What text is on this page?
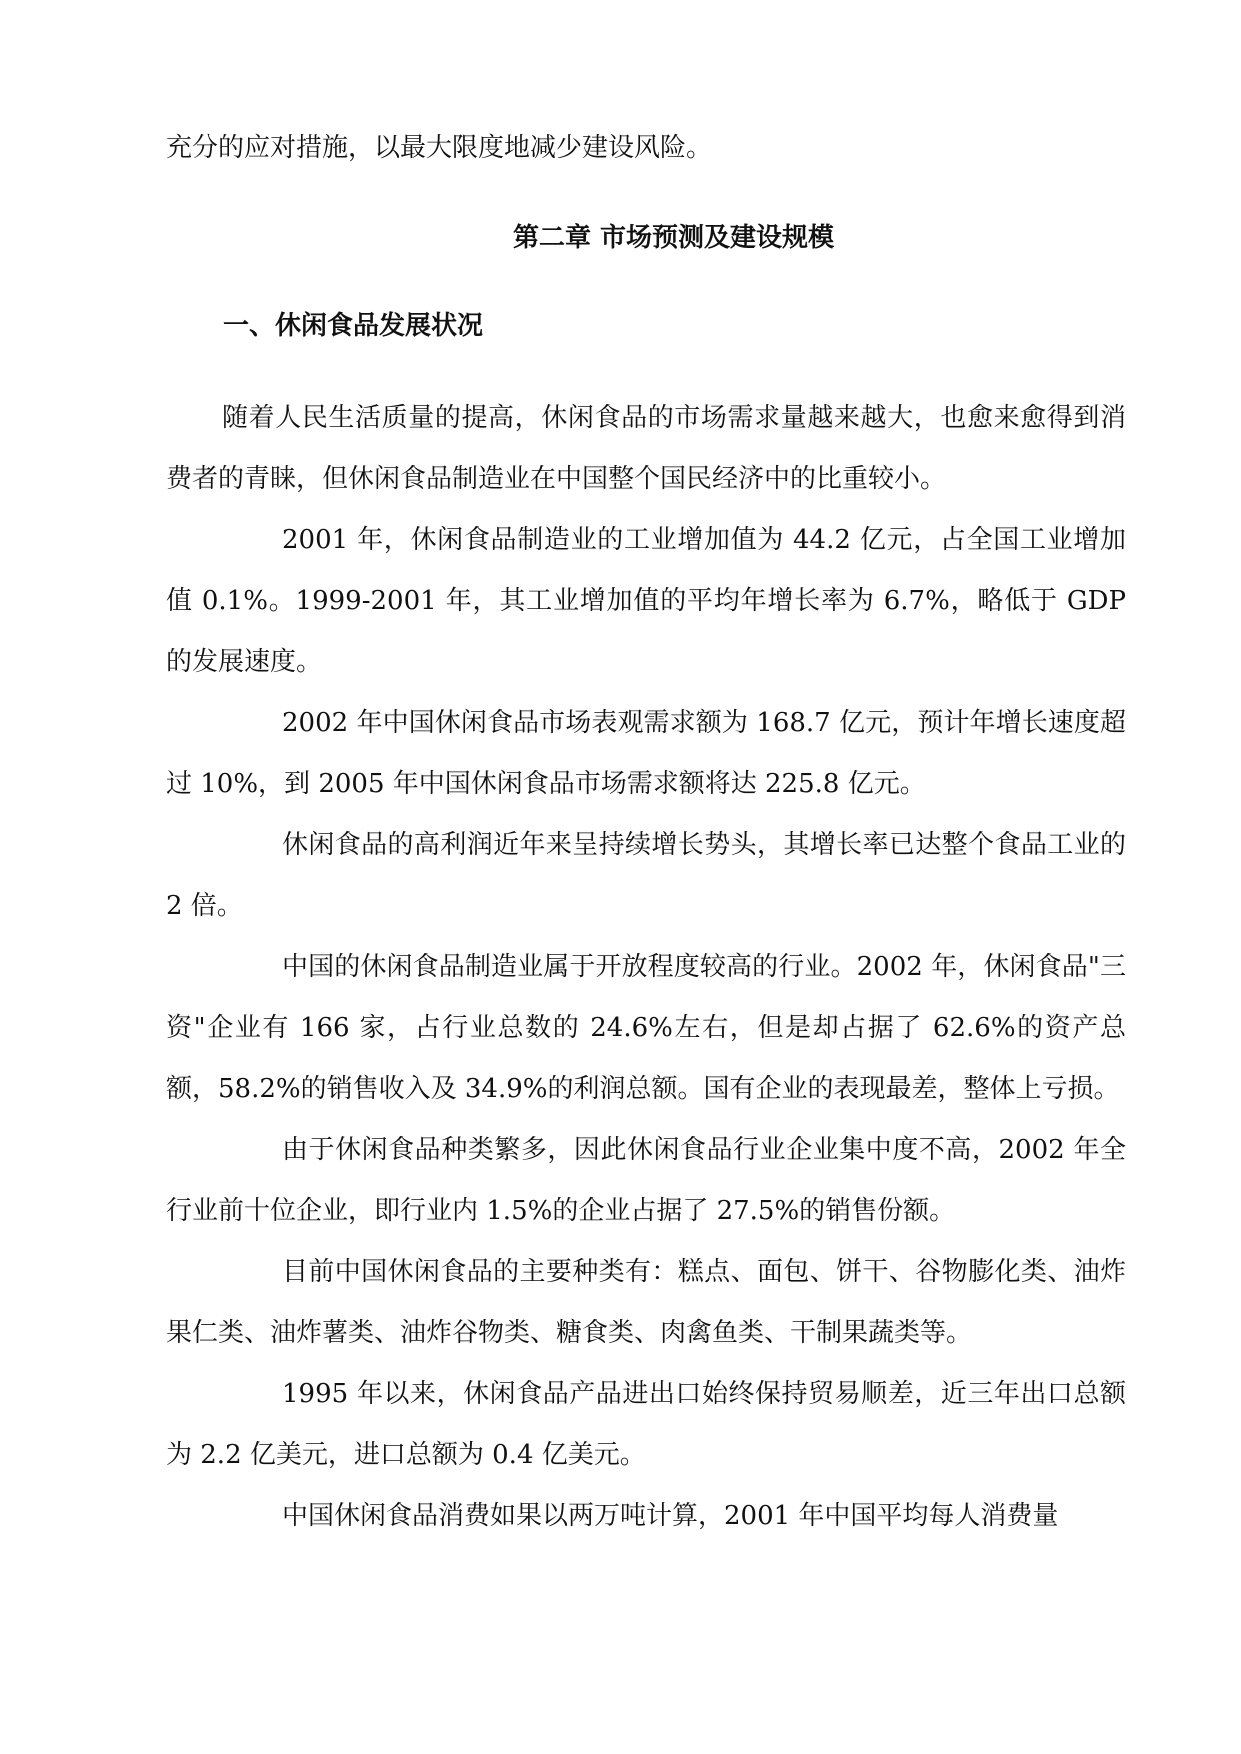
充分的应对措施，以最大限度地减少建设风险。

第二章 市场预测及建设规模
一、休闲食品发展状况

随着人民生活质量的提高，休闲食品的市场需求量越来越大，也愈来愈得到消费者的青睐，但休闲食品制造业在中国整个国民经济中的比重较小。

2001 年，休闲食品制造业的工业增加值为 44.2 亿元，占全国工业增加值 0.1%。1999-2001 年，其工业增加值的平均年增长率为 6.7%，略低于 GDP 的发展速度。

2002 年中国休闲食品市场表观需求额为 168.7 亿元，预计年增长速度超过 10%，到 2005 年中国休闲食品市场需求额将达 225.8 亿元。

休闲食品的高利润近年来呈持续增长势头，其增长率已达整个食品工业的 2 倍。

中国的休闲食品制造业属于开放程度较高的行业。2002 年，休闲食品"三资"企业有 166 家，占行业总数的 24.6%左右，但是却占据了 62.6%的资产总额，58.2%的销售收入及 34.9%的利润总额。国有企业的表现最差，整体上亏损。

由于休闲食品种类繁多，因此休闲食品行业企业集中度不高，2002 年全行业前十位企业，即行业内 1.5%的企业占据了 27.5%的销售份额。

目前中国休闲食品的主要种类有：糕点、面包、饼干、谷物膨化类、油炸果仁类、油炸薯类、油炸谷物类、糖食类、肉禽鱼类、干制果蔬类等。

1995 年以来，休闲食品产品进出口始终保持贸易顺差，近三年出口总额为 2.2 亿美元，进口总额为 0.4 亿美元。

中国休闲食品消费如果以两万吨计算，2001 年中国平均每人消费量
